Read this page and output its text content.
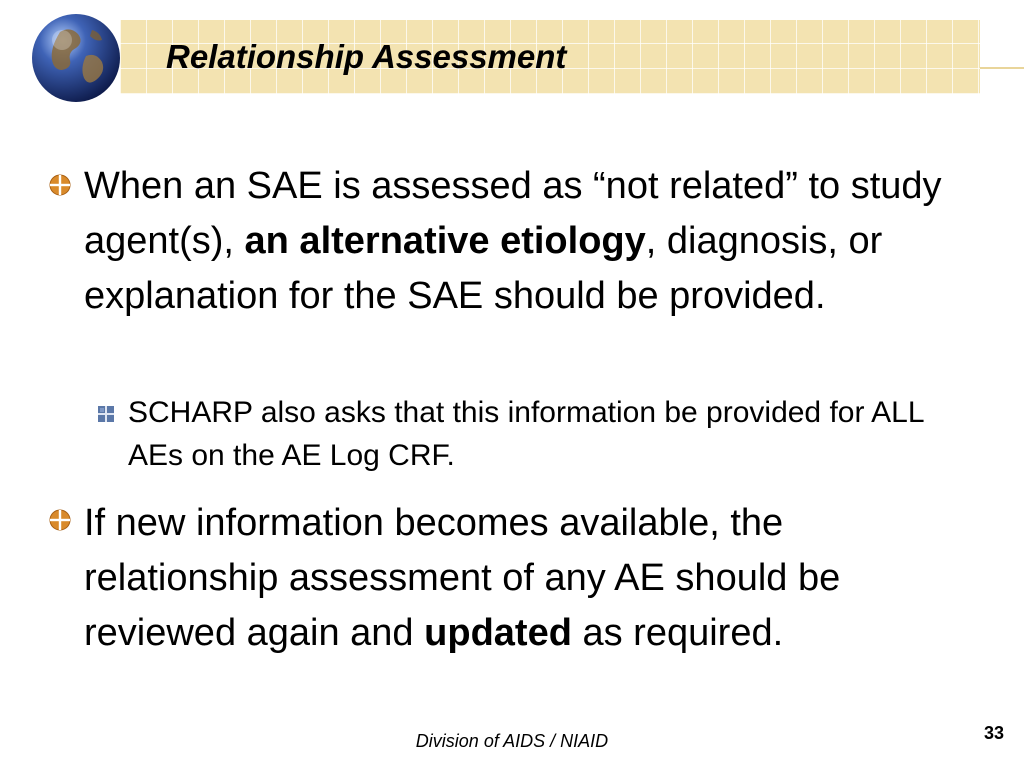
Relationship Assessment
When an SAE is assessed as “not related” to study agent(s), an alternative etiology, diagnosis, or explanation for the SAE should be provided.
SCHARP also asks that this information be provided for ALL AEs on the AE Log CRF.
If new information becomes available, the relationship assessment of any AE should be reviewed again and updated as required.
Division of AIDS / NIAID	33
